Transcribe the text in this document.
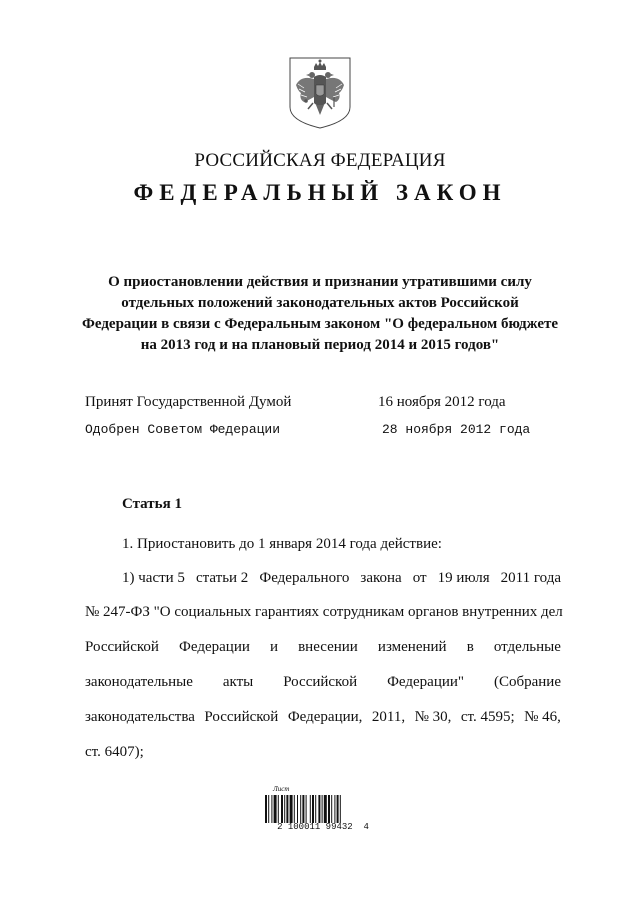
РОССИЙСКАЯ ФЕДЕРАЦИЯ
ФЕДЕРАЛЬНЫЙ ЗАКОН
О приостановлении действия и признании утратившими силу
отдельных положений законодательных актов Российской
Федерации в связи с Федеральным законом "О федеральном бюджете
на 2013 год и на плановый период 2014 и 2015 годов"
Принят Государственной Думой	16 ноября 2012 года
Одобрен Советом Федерации	28 ноября 2012 года
Статья 1
1. Приостановить до 1 января 2014 года действие:
1) части 5 статьи 2 Федерального закона от 19 июля 2011 года
№ 247-ФЗ "О социальных гарантиях сотрудникам органов внутренних дел
Российской Федерации и внесении изменений в отдельные
законодательные акты Российской Федерации" (Собрание
законодательства Российской Федерации, 2011, № 30, ст. 4595; № 46,
ст. 6407);
Лист
2 100011 99432  4
